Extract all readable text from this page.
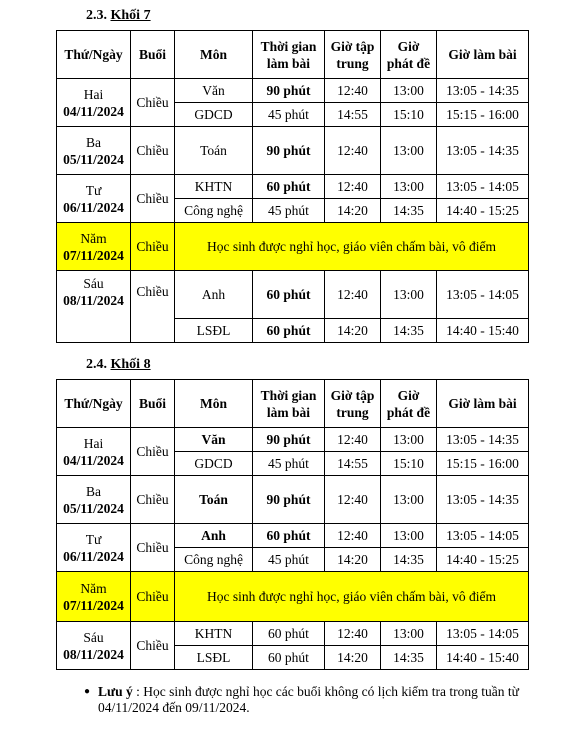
2.3. Khối 7
Thứ/Ngày	Buổi	Môn	Thời gian làm bài	Giờ tập trung	Giờ phát đề	Giờ làm bài

Hai
04/11/2024	Chiều	Văn	90 phút	12:40	13:00	13:05 - 14:35
		GDCD	45 phút	14:55	15:10	15:15 - 16:00

Ba
05/11/2024	Chiều	Toán	90 phút	12:40	13:00	13:05 - 14:35

Tư
06/11/2024	Chiều	KHTN	60 phút	12:40	13:00	13:05 - 14:05
		Công nghệ	45 phút	14:20	14:35	14:40 - 15:25

Năm
07/11/2024	Chiều	Học sinh được nghỉ học, giáo viên chấm bài, vô điểm				

Sáu
08/11/2024	Chiều	Anh	60 phút	12:40	13:00	13:05 - 14:05
		LSĐL	60 phút	14:20	14:35	14:40 - 15:40
2.4. Khối 8
Thứ/Ngày	Buổi	Môn	Thời gian làm bài	Giờ tập trung	Giờ phát đề	Giờ làm bài

Hai
04/11/2024	Chiều	Văn	90 phút	12:40	13:00	13:05 - 14:35
		GDCD	45 phút	14:55	15:10	15:15 - 16:00

Ba
05/11/2024	Chiều	Toán	90 phút	12:40	13:00	13:05 - 14:35

Tư
06/11/2024	Chiều	Anh	60 phút	12:40	13:00	13:05 - 14:05
		Công nghệ	45 phút	14:20	14:35	14:40 - 15:25

Năm
07/11/2024	Chiều	Học sinh được nghỉ học, giáo viên chấm bài, vô điểm				

Sáu
08/11/2024	Chiều	KHTN	60 phút	12:40	13:00	13:05 - 14:05
		LSĐL	60 phút	14:20	14:35	14:40 - 15:40
● Lưu ý : Học sinh được nghỉ học các buổi không có lịch kiểm tra trong tuần từ 04/11/2024 đến 09/11/2024.
